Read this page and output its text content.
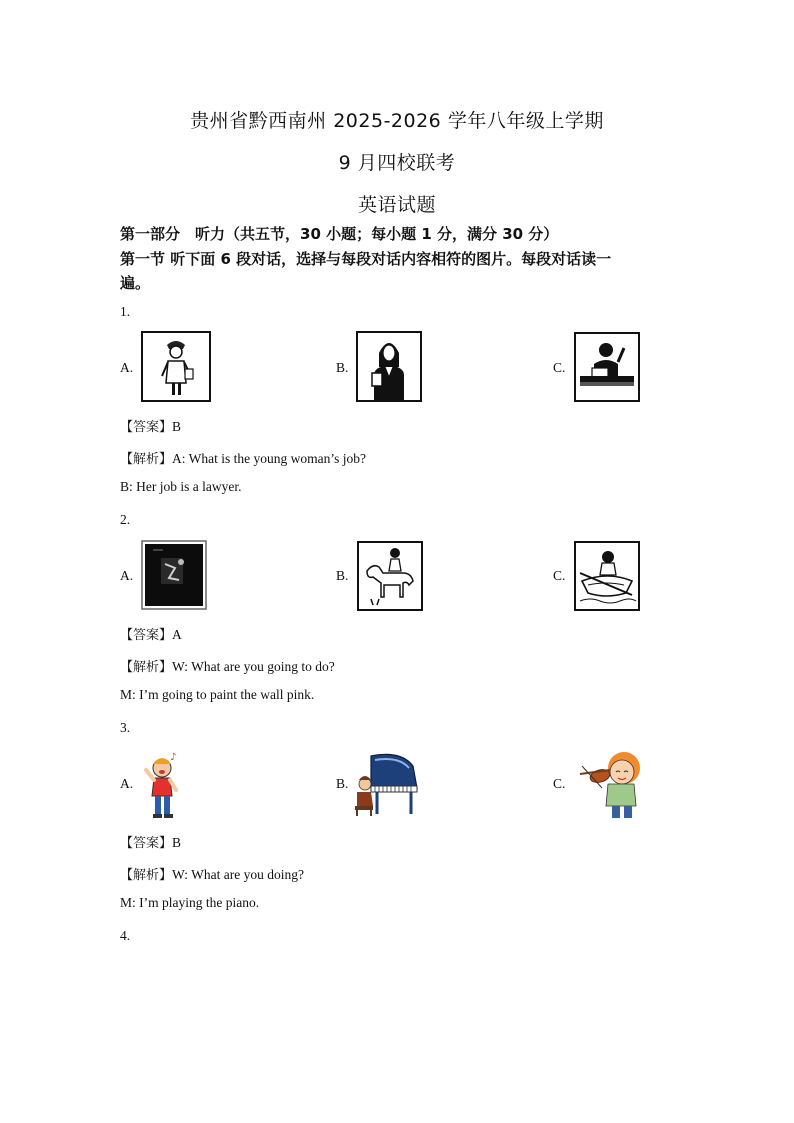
贵州省黔西南州 2025-2026 学年八年级上学期
9 月四校联考
英语试题
第一部分　听力（共五节，30 小题；每小题 1 分，满分 30 分）
第一节 听下面 6 段对话，选择与每段对话内容相符的图片。每段对话读一
遍。
1.
A.	B.	C.
【答案】B
【解析】A: What is the young woman’s job?
B: Her job is a lawyer.
2.
A.	B.	C.
【答案】A
【解析】W: What are you going to do?
M: I’m going to paint the wall pink.
3.
A.
♪
B.	C.
【答案】B
【解析】W: What are you doing?
M: I’m playing the piano.
4.
